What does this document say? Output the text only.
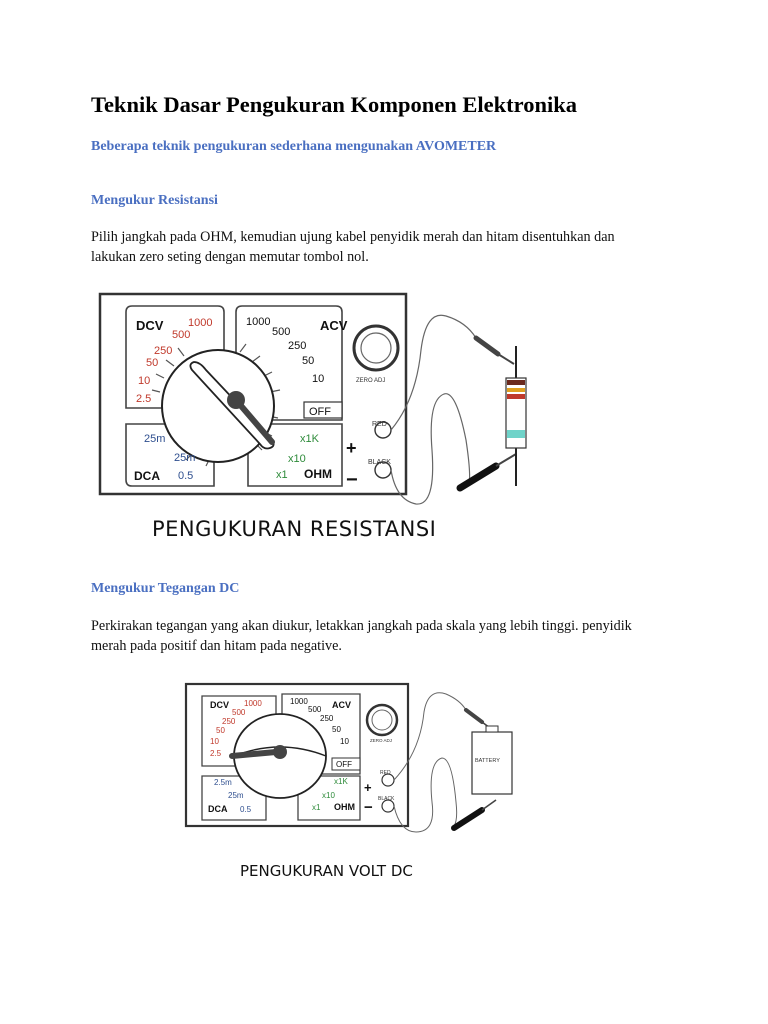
Teknik Dasar Pengukuran Komponen Elektronika

Beberapa teknik pengukuran sederhana mengunakan AVOMETER

Mengukur Resistansi

Pilih jangkah pada OHM, kemudian ujung kabel penyidik merah dan hitam disentuhkan dan
lakukan zero seting dengan memutar tombol nol.

DCV 1000
500
250
50
10
2.5
1000	ACV
500
250
50
10
OFF
25m
25m
DCA 0.5
x1K
x10
x1 OHM
ZERO ADJ
RED
BLACK
+
−
PENGUKURAN RESISTANSI

Mengukur Tegangan DC

Perkirakan tegangan yang akan diukur, letakkan jangkah pada skala yang lebih tinggi. penyidik
merah pada positif dan hitam pada negative.

DCV 1000
500
250
50
10
2.5
1000	ACV
500
250
50
10
OFF
2.5m
25m
DCA 0.5
x1K
x10
x1 OHM
ZERO ADJ
RED
BLACK
+
−
BATTERY
PENGUKURAN VOLT DC
